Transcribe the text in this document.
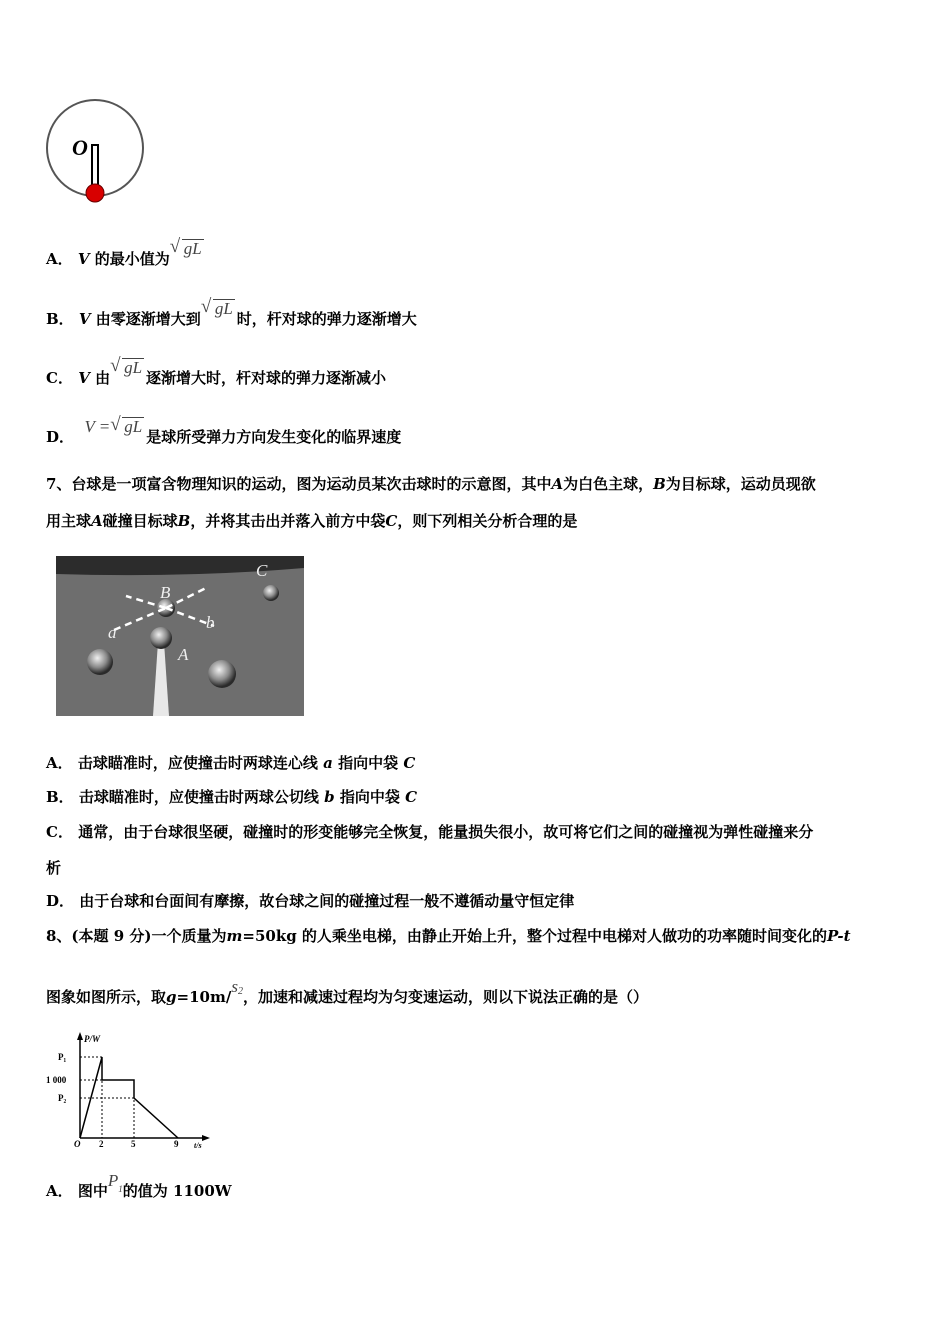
O
A． V 的最小值为√ gL
B． V 由零逐渐增大到√ gL时，杆对球的弹力逐渐增大
C． V 由√ gL逐渐增大时，杆对球的弹力逐渐减小
D．  V =√ gL是球所受弹力方向发生变化的临界速度
7、台球是一项富含物理知识的运动，图为运动员某次击球时的示意图，其中A为白色主球，B为目标球，运动员现欲
用主球A碰撞目标球B，并将其击出并落入前方中袋C，则下列相关分析合理的是
B
C
A
a
b
A． 击球瞄准时，应使撞击时两球连心线 a 指向中袋 C
B． 击球瞄准时，应使撞击时两球公切线 b 指向中袋 C
C． 通常，由于台球很坚硬，碰撞时的形变能够完全恢复，能量损失很小，故可将它们之间的碰撞视为弹性碰撞来分
析
D． 由于台球和台面间有摩擦，故台球之间的碰撞过程一般不遵循动量守恒定律
8、(本题 9 分)一个质量为m=50kg 的人乘坐电梯，由静止开始上升，整个过程中电梯对人做功的功率随时间变化的P-t
图象如图所示，取$g=10m/s^2$，加速和减速过程均为匀变速运动，则以下说法正确的是（）
P/W
t/s
P₁
1 000
P₂
O 2	5	9
A． 图中$P^1$的值为 1100W
